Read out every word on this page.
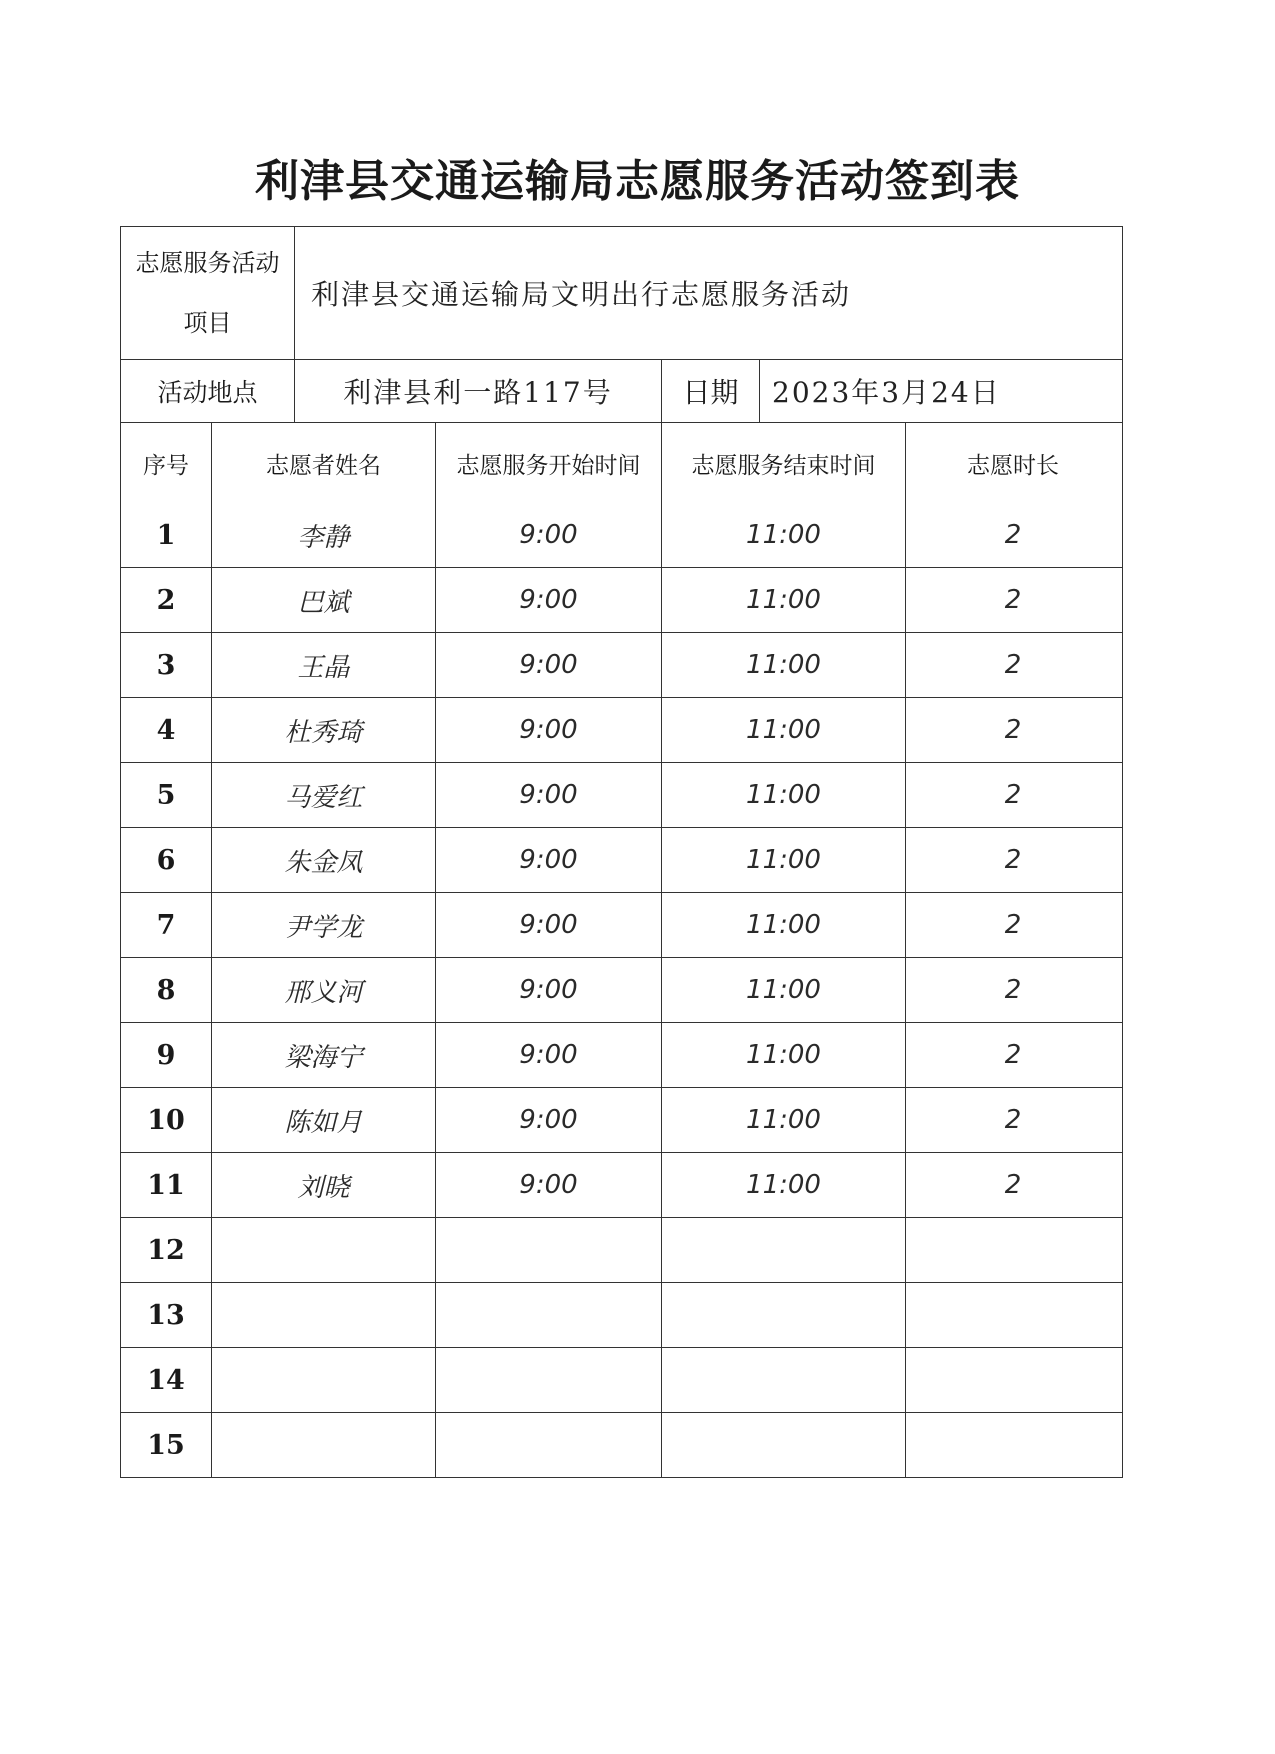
利津县交通运输局志愿服务活动签到表
志愿服务活动项目
利津县交通运输局文明出行志愿服务活动
活动地点	利津县利一路117号	日期	2023年3月24日
序号	志愿者姓名	志愿服务开始时间	志愿服务结束时间	志愿时长
1	李静	9:00	11:00	2
2	巴斌	9:00	11:00	2
3	王晶	9:00	11:00	2
4	杜秀琦	9:00	11:00	2
5	马爱红	9:00	11:00	2
6	朱金凤	9:00	11:00	2
7	尹学龙	9:00	11:00	2
8	邢义河	9:00	11:00	2
9	梁海宁	9:00	11:00	2
10	陈如月	9:00	11:00	2
11	刘晓	9:00	11:00	2
12
13
14
15
